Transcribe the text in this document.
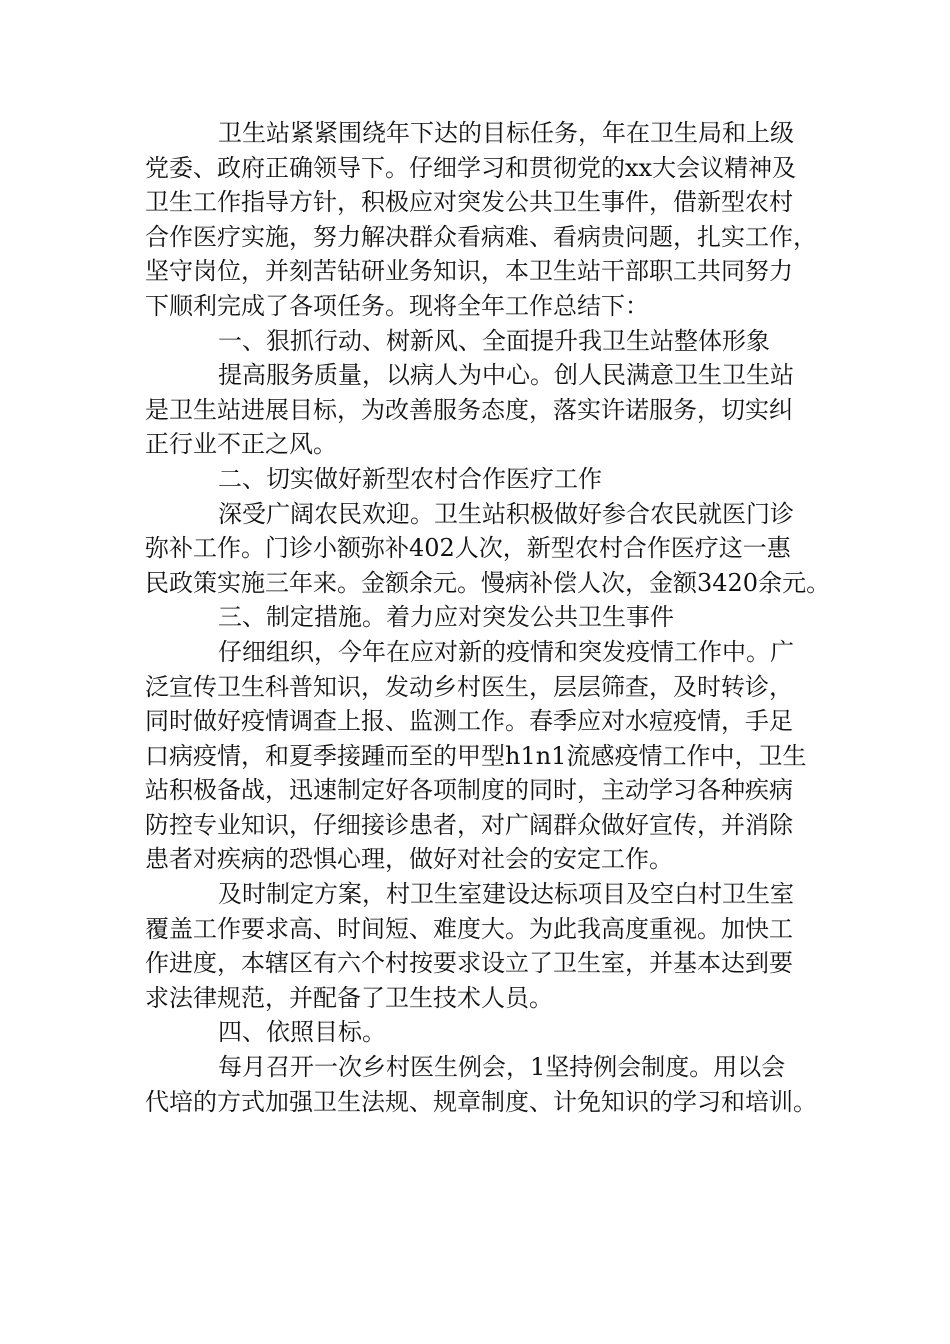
卫生站紧紧围绕年下达的目标任务，年在卫生局和上级
党委、政府正确领导下。仔细学习和贯彻党的xx大会议精神及
卫生工作指导方针，积极应对突发公共卫生事件，借新型农村
合作医疗实施，努力解决群众看病难、看病贵问题，扎实工作，
坚守岗位，并刻苦钻研业务知识，本卫生站干部职工共同努力
下顺利完成了各项任务。现将全年工作总结下：
一、狠抓行动、树新风、全面提升我卫生站整体形象
提高服务质量，以病人为中心。创人民满意卫生卫生站
是卫生站进展目标，为改善服务态度，落实许诺服务，切实纠
正行业不正之风。
二、切实做好新型农村合作医疗工作
深受广阔农民欢迎。卫生站积极做好参合农民就医门诊
弥补工作。门诊小额弥补402人次，新型农村合作医疗这一惠
民政策实施三年来。金额余元。慢病补偿人次，金额3420余元。
三、制定措施。着力应对突发公共卫生事件
仔细组织，今年在应对新的疫情和突发疫情工作中。广
泛宣传卫生科普知识，发动乡村医生，层层筛查，及时转诊，
同时做好疫情调查上报、监测工作。春季应对水痘疫情，手足
口病疫情，和夏季接踵而至的甲型h1n1流感疫情工作中，卫生
站积极备战，迅速制定好各项制度的同时，主动学习各种疾病
防控专业知识，仔细接诊患者，对广阔群众做好宣传，并消除
患者对疾病的恐惧心理，做好对社会的安定工作。
及时制定方案，村卫生室建设达标项目及空白村卫生室
覆盖工作要求高、时间短、难度大。为此我高度重视。加快工
作进度，本辖区有六个村按要求设立了卫生室，并基本达到要
求法律规范，并配备了卫生技术人员。
四、依照目标。
每月召开一次乡村医生例会，1坚持例会制度。用以会
代培的方式加强卫生法规、规章制度、计免知识的学习和培训。
